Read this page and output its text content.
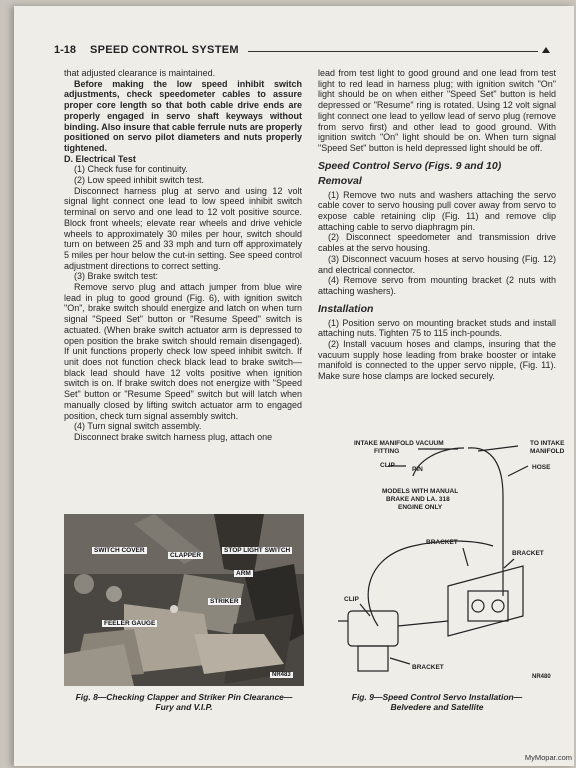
1-18 SPEED CONTROL SYSTEM

that adjusted clearance is maintained.

Before making the low speed inhibit switch adjustments, check speedometer cables to assure proper core length so that both cable drive ends are properly engaged in servo shaft keyways without binding. Also insure that cable ferrule nuts are properly positioned on servo pilot diameters and nuts properly tightened.

D. Electrical Test

(1) Check fuse for continuity.

(2) Low speed inhibit switch test.

Disconnect harness plug at servo and using 12 volt signal light connect one lead to low speed inhibit switch terminal on servo and one lead to 12 volt positive source. Block front wheels; elevate rear wheels and drive vehicle wheels to approximately 30 miles per hour, switch should turn on between 25 and 33 mph and turn off approximately 5 miles per hour below the cut-in setting. See speed control adjustment directions to correct setting.

(3) Brake switch test:

Remove servo plug and attach jumper from blue wire lead in plug to good ground (Fig. 6), with ignition switch "On", brake switch should energize and latch on when turn signal "Speed Set" button or "Resume Speed" switch is actuated. (When brake switch actuator arm is depressed to open position the brake switch should remain disengaged). If unit functions properly check low speed inhibit switch. If unit does not function check black lead to brake switch—black lead should have 12 volts positive when ignition switch is on. If brake switch does not energize with "Speed Set" button or "Resume Speed" switch but will latch when manually closed by lifting switch actuator arm to engaged position, check turn signal assembly switch.

(4) Turn signal switch assembly.

Disconnect brake switch harness plug, attach one

lead from test light to good ground and one lead from test light to red lead in harness plug; with ignition switch "On" light should be on when either "Speed Set" button is held depressed or "Resume" ring is rotated. Using 12 volt signal light connect one lead to yellow lead of servo plug (remove from servo first) and other lead to good ground. With ignition switch "On" light should be on. When turn signal "Speed Set" button is held depressed light should be off.

Speed Control Servo (Figs. 9 and 10)

Removal

(1) Remove two nuts and washers attaching the servo cable cover to servo housing pull cover away from servo to expose cable retaining clip (Fig. 11) and remove clip attaching cable to servo diaphragm pin.

(2) Disconnect speedometer and transmission drive cables at the servo housing.

(3) Disconnect vacuum hoses at servo housing (Fig. 12) and electrical connector.

(4) Remove servo from mounting bracket (2 nuts with attaching washers).

Installation

(1) Position servo on mounting bracket studs and install attaching nuts. Tighten 75 to 115 inch-pounds.

(2) Install vacuum hoses and clamps, insuring that the vacuum supply hose leading from brake booster or intake manifold is connected to the upper servo nipple, (Fig. 11). Make sure hose clamps are locked securely.

SWITCH COVER
CLAPPER
STOP LIGHT SWITCH
ARM
STRIKER
FEELER GAUGE
NR483
Fig. 8—Checking Clapper and Striker Pin Clearance—
Fury and V.I.P.
INTAKE MANIFOLD VACUUM
FITTING
TO INTAKE
MANIFOLD
CLIP
PIN	HOSE
MODELS WITH MANUAL
BRAKE AND LA. 318
ENGINE ONLY
BRACKET
BRACKET
CLIP
BRACKET
NR480
Fig. 9—Speed Control Servo Installation—
Belvedere and Satellite
MyMopar.com
